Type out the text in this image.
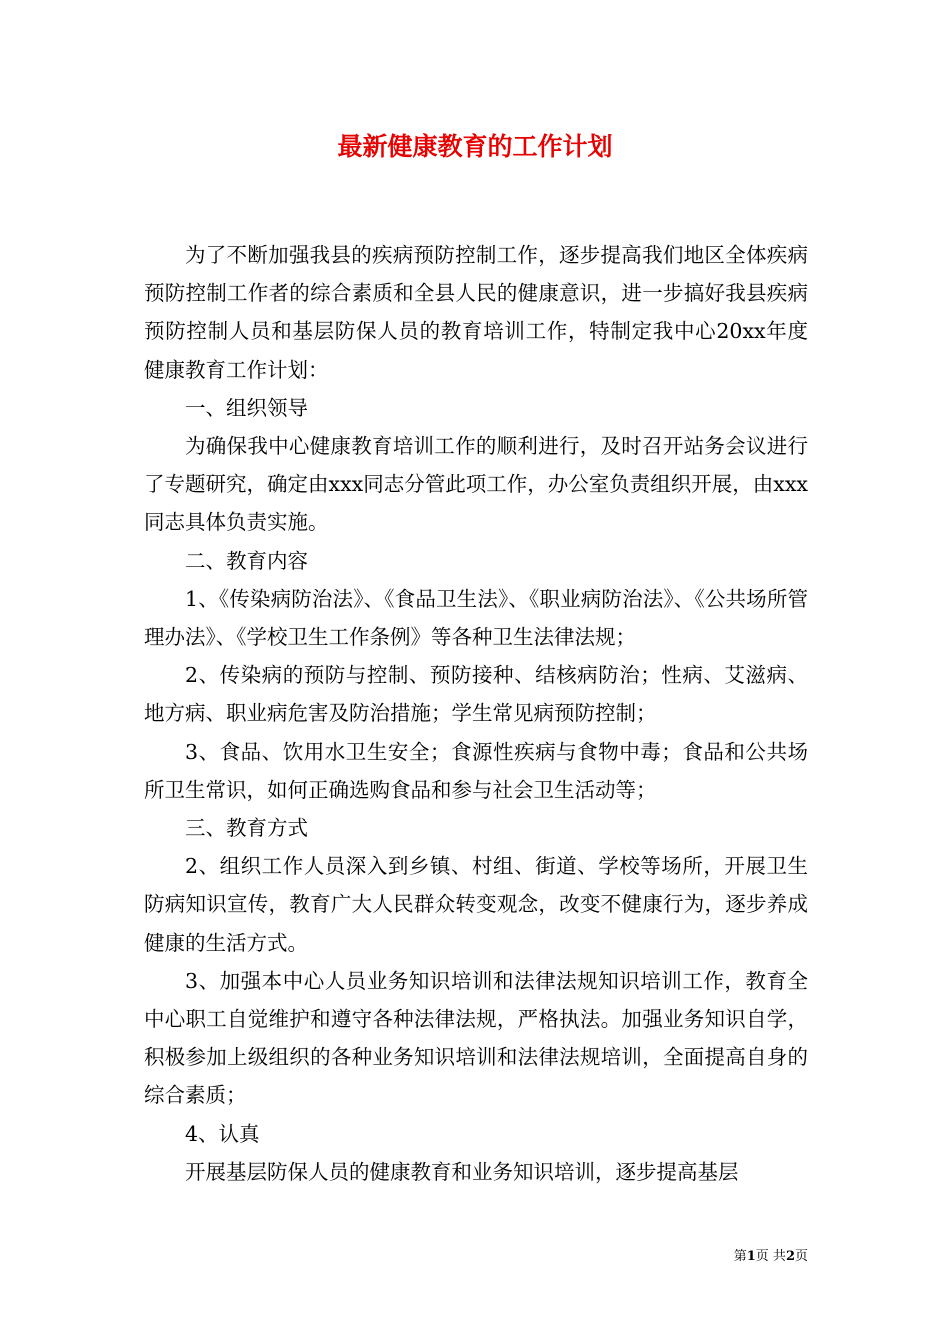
最新健康教育的工作计划

为了不断加强我县的疾病预防控制工作，逐步提高我们地区全体疾病预防控制工作者的综合素质和全县人民的健康意识，进一步搞好我县疾病预防控制人员和基层防保人员的教育培训工作，特制定我中心20xx年度健康教育工作计划：

一、组织领导

为确保我中心健康教育培训工作的顺利进行，及时召开站务会议进行了专题研究，确定由xxx同志分管此项工作，办公室负责组织开展，由xxx同志具体负责实施。

二、教育内容

1、《传染病防治法》、《食品卫生法》、《职业病防治法》、《公共场所管理办法》、《学校卫生工作条例》等各种卫生法律法规；

2、传染病的预防与控制、预防接种、结核病防治；性病、艾滋病、地方病、职业病危害及防治措施；学生常见病预防控制；

3、食品、饮用水卫生安全；食源性疾病与食物中毒；食品和公共场所卫生常识，如何正确选购食品和参与社会卫生活动等；

三、教育方式

2、组织工作人员深入到乡镇、村组、街道、学校等场所，开展卫生防病知识宣传，教育广大人民群众转变观念，改变不健康行为，逐步养成健康的生活方式。

3、加强本中心人员业务知识培训和法律法规知识培训工作，教育全中心职工自觉维护和遵守各种法律法规，严格执法。加强业务知识自学，积极参加上级组织的各种业务知识培训和法律法规培训，全面提高自身的综合素质；

4、认真

开展基层防保人员的健康教育和业务知识培训，逐步提高基层

第1页 共2页
